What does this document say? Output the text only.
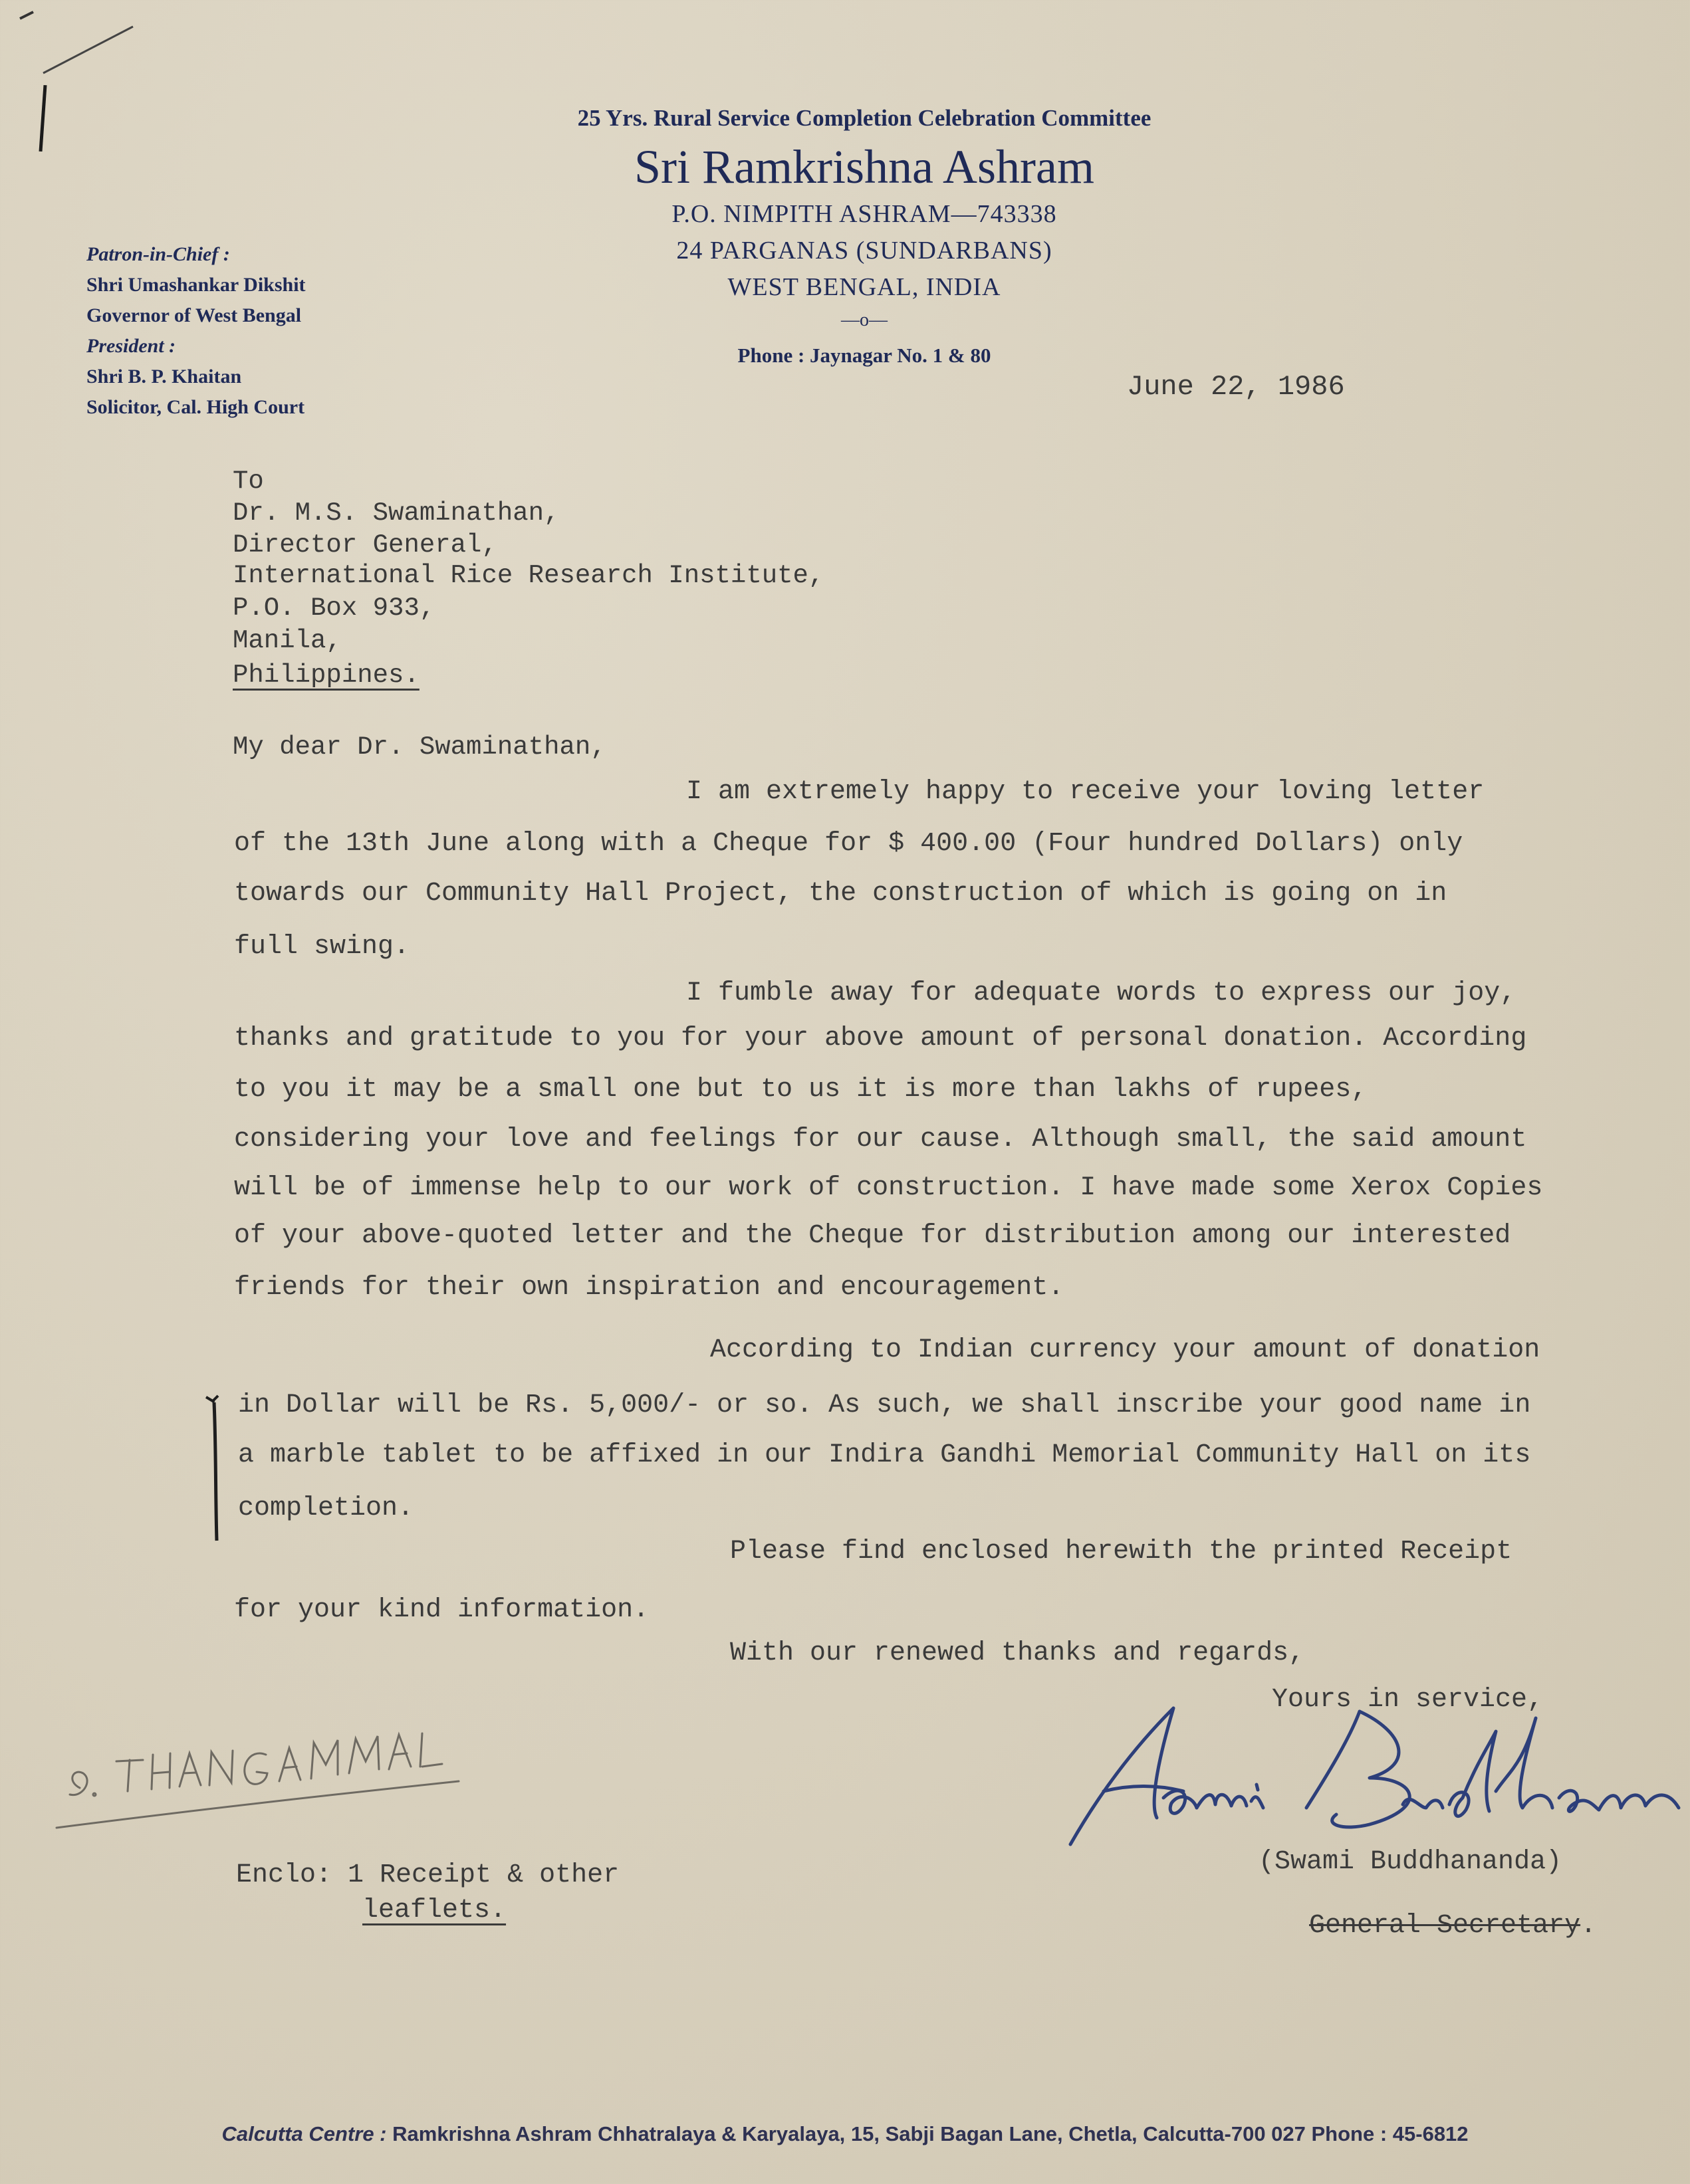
25 Yrs. Rural Service Completion Celebration Committee
Sri Ramkrishna Ashram
P.O. NIMPITH ASHRAM—743338
24 PARGANAS (SUNDARBANS)
WEST BENGAL, INDIA
—o—
Phone : Jaynagar No. 1 & 80
Patron-in-Chief :
Shri Umashankar Dikshit
Governor of West Bengal
President :
Shri B. P. Khaitan
Solicitor, Cal. High Court
June 22, 1986
To
Dr. M.S. Swaminathan,
Director General,
International Rice Research Institute,
P.O. Box 933,
Manila,
Philippines.
My dear Dr. Swaminathan,
I am extremely happy to receive your loving letter
of the 13th June along with a Cheque for $ 400.00 (Four hundred Dollars) only
towards our Community Hall Project, the construction of which is going on in
full swing.
I fumble away for adequate words to express our joy,
thanks and gratitude to you for your above amount of personal donation. According
to you it may be a small one but to us it is more than lakhs of rupees,
considering your love and feelings for our cause. Although small, the said amount
will be of immense help to our work of construction. I have made some Xerox Copies
of your above-quoted letter and the Cheque for distribution among our interested
friends for their own inspiration and encouragement.
According to Indian currency your amount of donation
in Dollar will be Rs. 5,000/- or so. As such, we shall inscribe your good name in
a marble tablet to be affixed in our Indira Gandhi Memorial Community Hall on its
completion.
Please find enclosed herewith the printed Receipt
for your kind information.
With our renewed thanks and regards,
Yours in service,
(Swami Buddhananda)

General Secretary.

Enclo: 1 Receipt & other
leaflets.
Calcutta Centre : Ramkrishna Ashram Chhatralaya & Karyalaya, 15, Sabji Bagan Lane, Chetla, Calcutta-700 027 Phone : 45-6812
